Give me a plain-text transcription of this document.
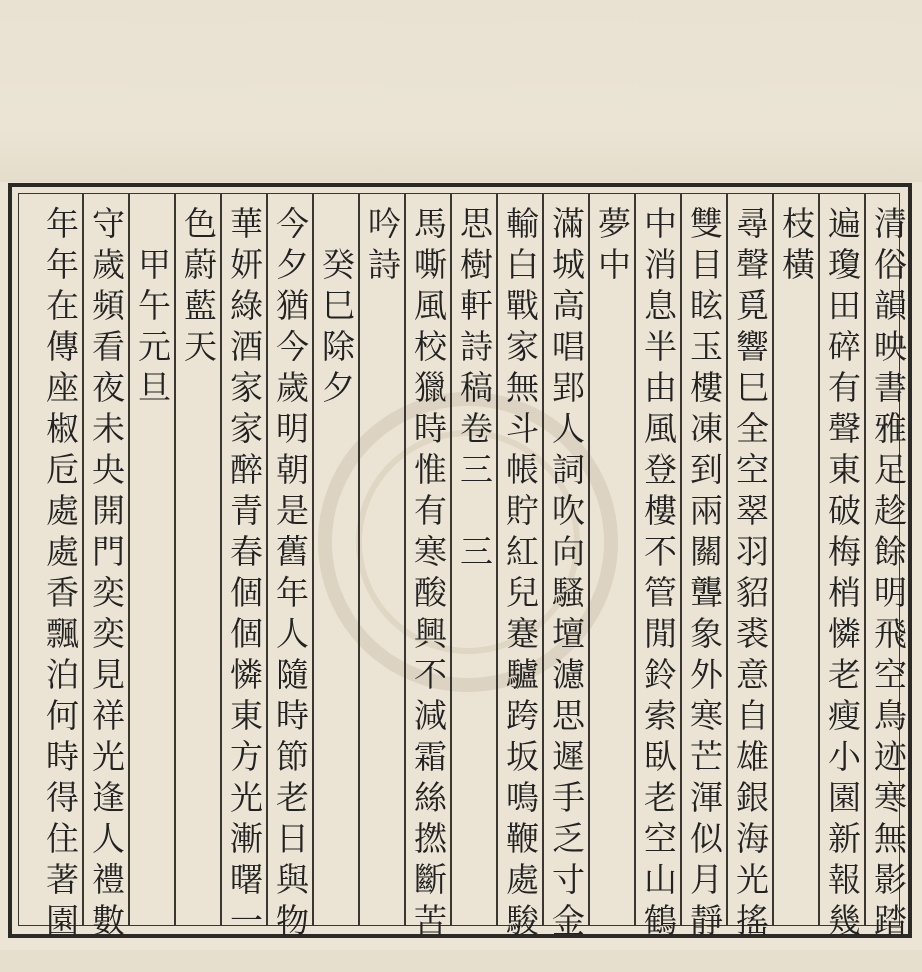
清俗韻映書雅足趁餘明飛空鳥迹寒無影踏
遍瓊田碎有聲東破梅梢憐老瘦小園新報幾
枝橫
尋聲覓響巳全空翠羽貂裘意自雄銀海光搖
雙目眩玉樓凍到兩關聾象外寒芒渾似月靜
中消息半由風登樓不管閒鈴索臥老空山鶴
夢中
滿城高唱郢人詞吹向騷壇濾思遲手乏寸金
輸白戰家無斗帳貯紅兒蹇驢跨坂鳴鞭處駿
思樹軒詩稿卷三　三
馬嘶風校獵時惟有寒酸興不減霜絲撚斷苦
吟詩
　癸巳除夕
今夕猶今歲明朝是舊年人隨時節老日與物
華妍綠酒家家醉青春個個憐東方光漸曙一
色蔚藍天
　甲午元旦
守歲頻看夜未央開門奕奕見祥光逢人禮數
年年在傳座椒卮處處香飄泊何時得住著園
